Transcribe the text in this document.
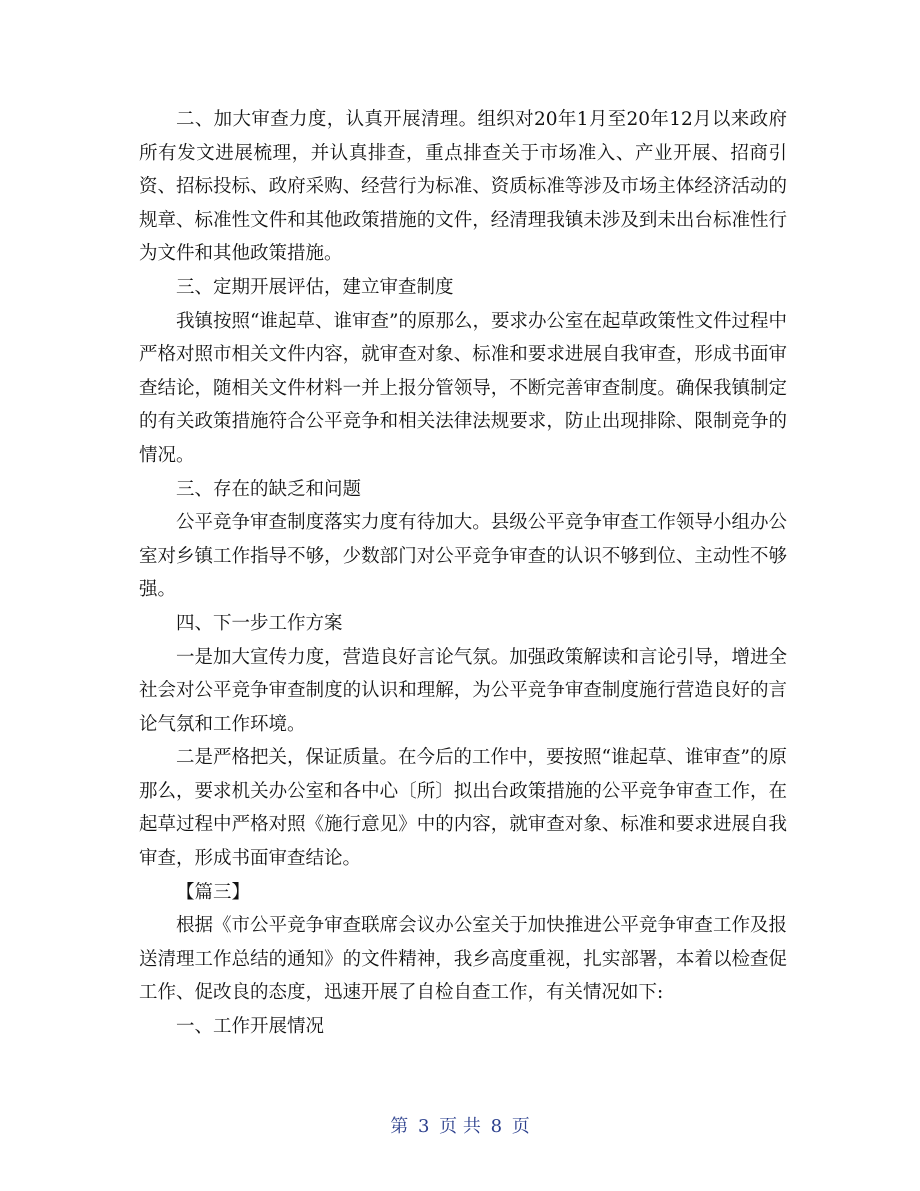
二、加大审查力度，认真开展清理。组织对20年1月至20年12月以来政府所有发文进展梳理，并认真排查，重点排查关于市场准入、产业开展、招商引资、招标投标、政府采购、经营行为标准、资质标准等涉及市场主体经济活动的规章、标准性文件和其他政策措施的文件，经清理我镇未涉及到未出台标准性行为文件和其他政策措施。

三、定期开展评估，建立审查制度

我镇按照“谁起草、谁审查”的原那么，要求办公室在起草政策性文件过程中严格对照市相关文件内容，就审查对象、标准和要求进展自我审查，形成书面审查结论，随相关文件材料一并上报分管领导，不断完善审查制度。确保我镇制定的有关政策措施符合公平竞争和相关法律法规要求，防止出现排除、限制竞争的情况。

三、存在的缺乏和问题

公平竞争审查制度落实力度有待加大。县级公平竞争审查工作领导小组办公室对乡镇工作指导不够，少数部门对公平竞争审查的认识不够到位、主动性不够强。

四、下一步工作方案

一是加大宣传力度，营造良好言论气氛。加强政策解读和言论引导，增进全社会对公平竞争审查制度的认识和理解，为公平竞争审查制度施行营造良好的言论气氛和工作环境。

二是严格把关，保证质量。在今后的工作中，要按照“谁起草、谁审查”的原那么，要求机关办公室和各中心〔所〕拟出台政策措施的公平竞争审查工作，在起草过程中严格对照《施行意见》中的内容，就审查对象、标准和要求进展自我审查，形成书面审查结论。

【篇三】

根据《市公平竞争审查联席会议办公室关于加快推进公平竞争审查工作及报送清理工作总结的通知》的文件精神，我乡高度重视，扎实部署，本着以检查促工作、促改良的态度，迅速开展了自检自查工作，有关情况如下:

一、工作开展情况

第 3 页 共 8 页
